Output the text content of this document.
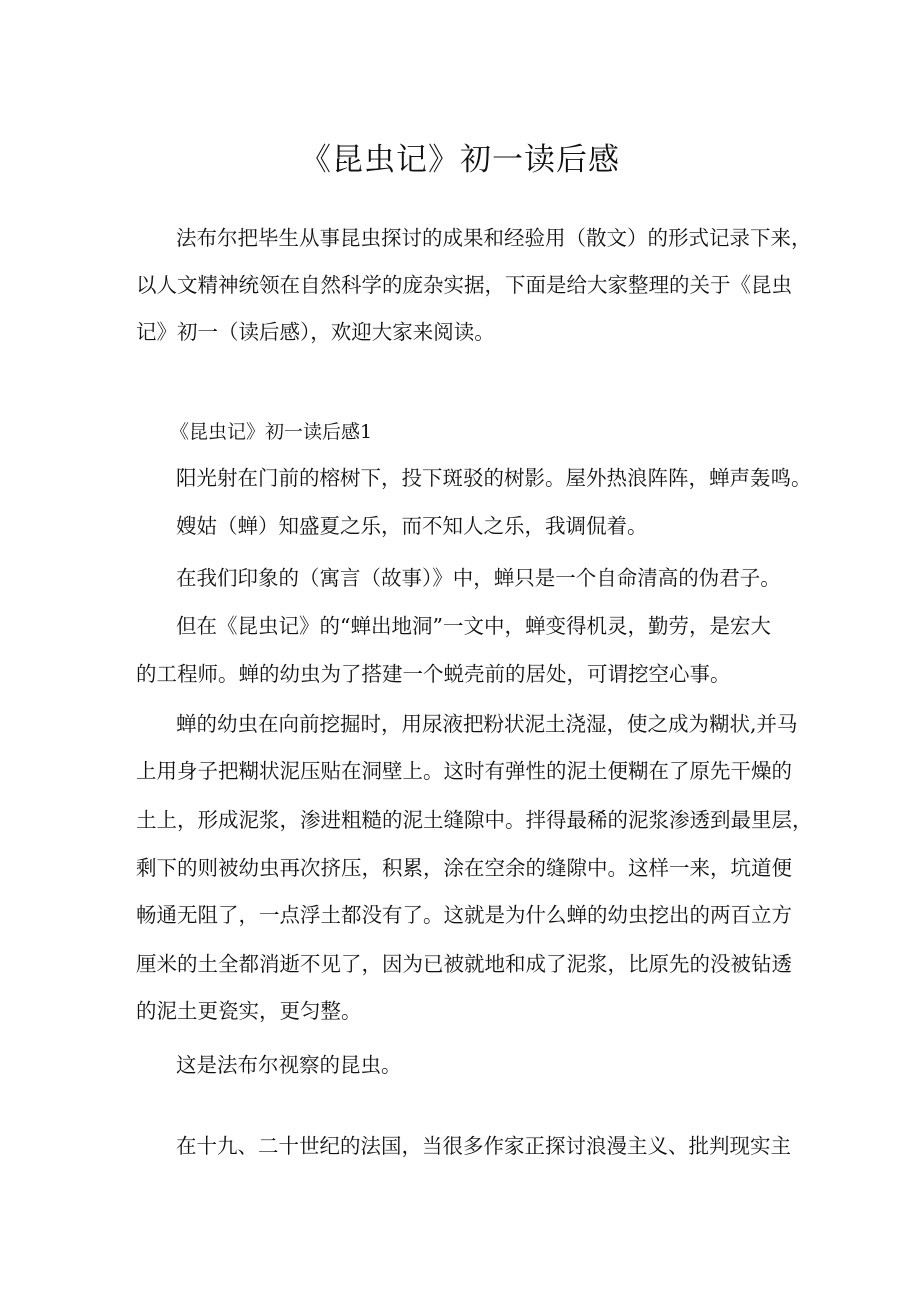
《昆虫记》初一读后感
法布尔把毕生从事昆虫探讨的成果和经验用（散文）的形式记录下来，
以人文精神统领在自然科学的庞杂实据，下面是给大家整理的关于《昆虫
记》初一（读后感），欢迎大家来阅读。
《昆虫记》初一读后感1
阳光射在门前的榕树下，投下斑驳的树影。屋外热浪阵阵，蝉声轰鸣。
嫂姑（蝉）知盛夏之乐，而不知人之乐，我调侃着。
在我们印象的（寓言（故事）》中，蝉只是一个自命清高的伪君子。
但在《昆虫记》的“蝉出地洞”一文中，蝉变得机灵，勤劳，是宏大
的工程师。蝉的幼虫为了搭建一个蜕壳前的居处，可谓挖空心事。
蝉的幼虫在向前挖掘时，用尿液把粉状泥土浇湿，使之成为糊状,并马
上用身子把糊状泥压贴在洞壁上。这时有弹性的泥土便糊在了原先干燥的
土上，形成泥浆，渗进粗糙的泥土缝隙中。拌得最稀的泥浆渗透到最里层，
剩下的则被幼虫再次挤压，积累，涂在空余的缝隙中。这样一来，坑道便
畅通无阻了，一点浮土都没有了。这就是为什么蝉的幼虫挖出的两百立方
厘米的土全都消逝不见了，因为已被就地和成了泥浆，比原先的没被钻透
的泥土更瓷实，更匀整。
这是法布尔视察的昆虫。
在十九、二十世纪的法国，当很多作家正探讨浪漫主义、批判现实主
